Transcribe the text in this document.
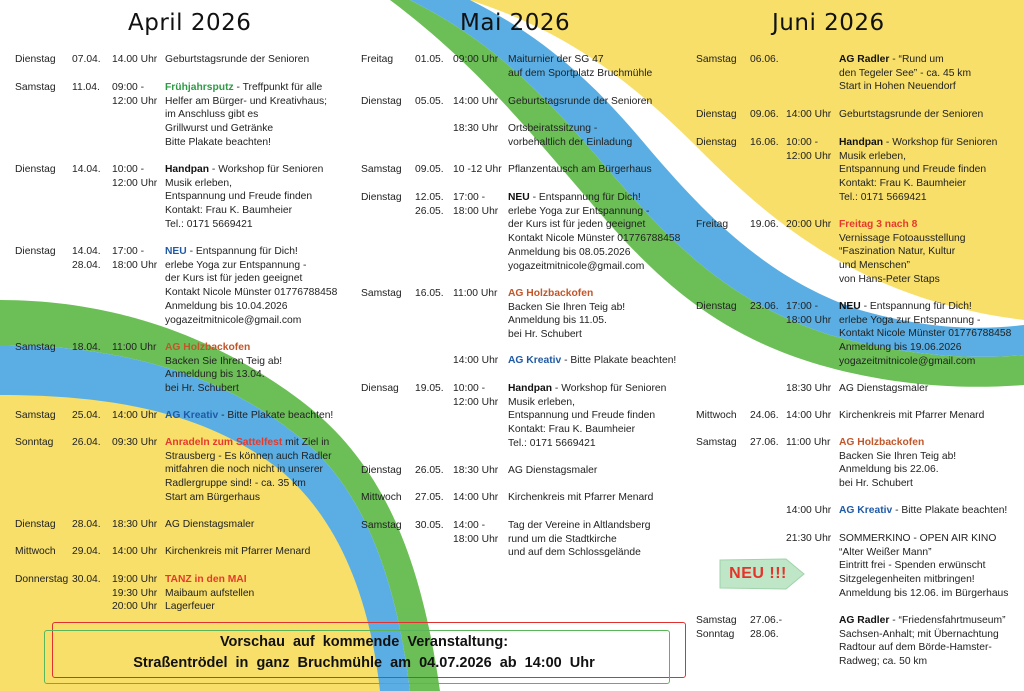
April 2026
Dienstag 07.04. 14.00 Uhr Geburtstagsrunde der Senioren
Samstag 11.04. 09:00 -
12:00 Uhr
Frühjahrsputz - Treffpunkt für alle
Helfer am Bürger- und Kreativhaus;
im Anschluss gibt es
Grillwurst und Getränke
Bitte Plakate beachten!
Dienstag 14.04. 10:00 -
12:00 Uhr
Handpan - Workshop für Senioren
Musik erleben,
Entspannung und Freude finden
Kontakt: Frau K. Baumheier
Tel.: 0171 5669421
Dienstag 14.04.
28.04.
17:00 -
18:00 Uhr
NEU - Entspannung für Dich!
erlebe Yoga zur Entspannung -
der Kurs ist für jeden geeignet
Kontakt Nicole Münster 01776788458
Anmeldung bis 10.04.2026
yogazeitmitnicole@gmail.com
Samstag 18.04. 11:00 Uhr AG Holzbackofen
Backen Sie Ihren Teig ab!
Anmeldung bis 13.04.
bei Hr. Schubert
Samstag 25.04. 14:00 Uhr AG Kreativ - Bitte Plakate beachten!
Sonntag 26.04. 09:30 Uhr Anradeln zum Sattelfest mit Ziel in
Strausberg - Es können auch Radler
mitfahren die noch nicht in unserer
Radlergruppe sind! - ca. 35 km
Start am Bürgerhaus
Dienstag 28.04. 18:30 Uhr AG Dienstagsmaler
Mittwoch 29.04. 14:00 Uhr Kirchenkreis mit Pfarrer Menard
Donnerstag 30.04. 19:00 Uhr
19:30 Uhr
20:00 Uhr
TANZ in den MAI
Maibaum aufstellen
Lagerfeuer
Mai 2026
Freitag 01.05. 09:00 Uhr Maiturnier der SG 47
auf dem Sportplatz Bruchmühle
Dienstag 05.05. 14:00 Uhr Geburtstagsrunde der Senioren
18:30 Uhr Ortsbeiratssitzung -
vorbehaltlich der Einladung
Samstag 09.05. 10 -12 Uhr Pflanzentausch am Bürgerhaus
Dienstag 12.05.
26.05.
17:00 -
18:00 Uhr
NEU - Entspannung für Dich!
erlebe Yoga zur Entspannung -
der Kurs ist für jeden geeignet
Kontakt Nicole Münster 01776788458
Anmeldung bis 08.05.2026
yogazeitmitnicole@gmail.com
Samstag 16.05. 11:00 Uhr AG Holzbackofen
Backen Sie Ihren Teig ab!
Anmeldung bis 11.05.
bei Hr. Schubert
14:00 Uhr AG Kreativ - Bitte Plakate beachten!
Diensag 19.05. 10:00 -
12:00 Uhr
Handpan - Workshop für Senioren
Musik erleben,
Entspannung und Freude finden
Kontakt: Frau K. Baumheier
Tel.: 0171 5669421
Dienstag 26.05. 18:30 Uhr AG Dienstagsmaler
Mittwoch 27.05. 14:00 Uhr Kirchenkreis mit Pfarrer Menard
Samstag 30.05. 14:00 -
18:00 Uhr
Tag der Vereine in Altlandsberg
rund um die Stadtkirche
und auf dem Schlossgelände
Juni 2026
Samstag 06.06.	AG Radler - “Rund um
den Tegeler See” - ca. 45 km
Start in Hohen Neuendorf
Dienstag 09.06. 14:00 Uhr Geburtstagsrunde der Senioren
Dienstag 16.06. 10:00 -
12:00 Uhr
Handpan - Workshop für Senioren
Musik erleben,
Entspannung und Freude finden
Kontakt: Frau K. Baumheier
Tel.: 0171 5669421
Freitag 19.06. 20:00 Uhr Freitag 3 nach 8
Vernissage Fotoausstellung
“Faszination Natur, Kultur
und Menschen”
von Hans-Peter Staps
Dienstag 23.06. 17:00 -
18:00 Uhr
NEU - Entspannung für Dich!
erlebe Yoga zur Entspannung -
Kontakt Nicole Münster 01776788458
Anmeldung bis 19.06.2026
yogazeitmitnicole@gmail.com
18:30 Uhr AG Dienstagsmaler
Mittwoch 24.06. 14:00 Uhr Kirchenkreis mit Pfarrer Menard
Samstag 27.06. 11:00 Uhr AG Holzbackofen
Backen Sie Ihren Teig ab!
Anmeldung bis 22.06.
bei Hr. Schubert
14:00 Uhr AG Kreativ - Bitte Plakate beachten!
21:30 Uhr SOMMERKINO - OPEN AIR KINO
“Alter Weißer Mann”
Eintritt frei - Spenden erwünscht
Sitzgelegenheiten mitbringen!
Anmeldung bis 12.06. im Bürgerhaus
Samstag
Sonntag
27.06.-
28.06.
AG Radler - “Friedensfahrtmuseum”
Sachsen-Anhalt; mit Übernachtung
Radtour auf dem Börde-Hamster-
Radweg; ca. 50 km
NEU !!!
Vorschau auf kommende Veranstaltung:
Straßentrödel in ganz Bruchmühle am 04.07.2026 ab 14:00 Uhr
